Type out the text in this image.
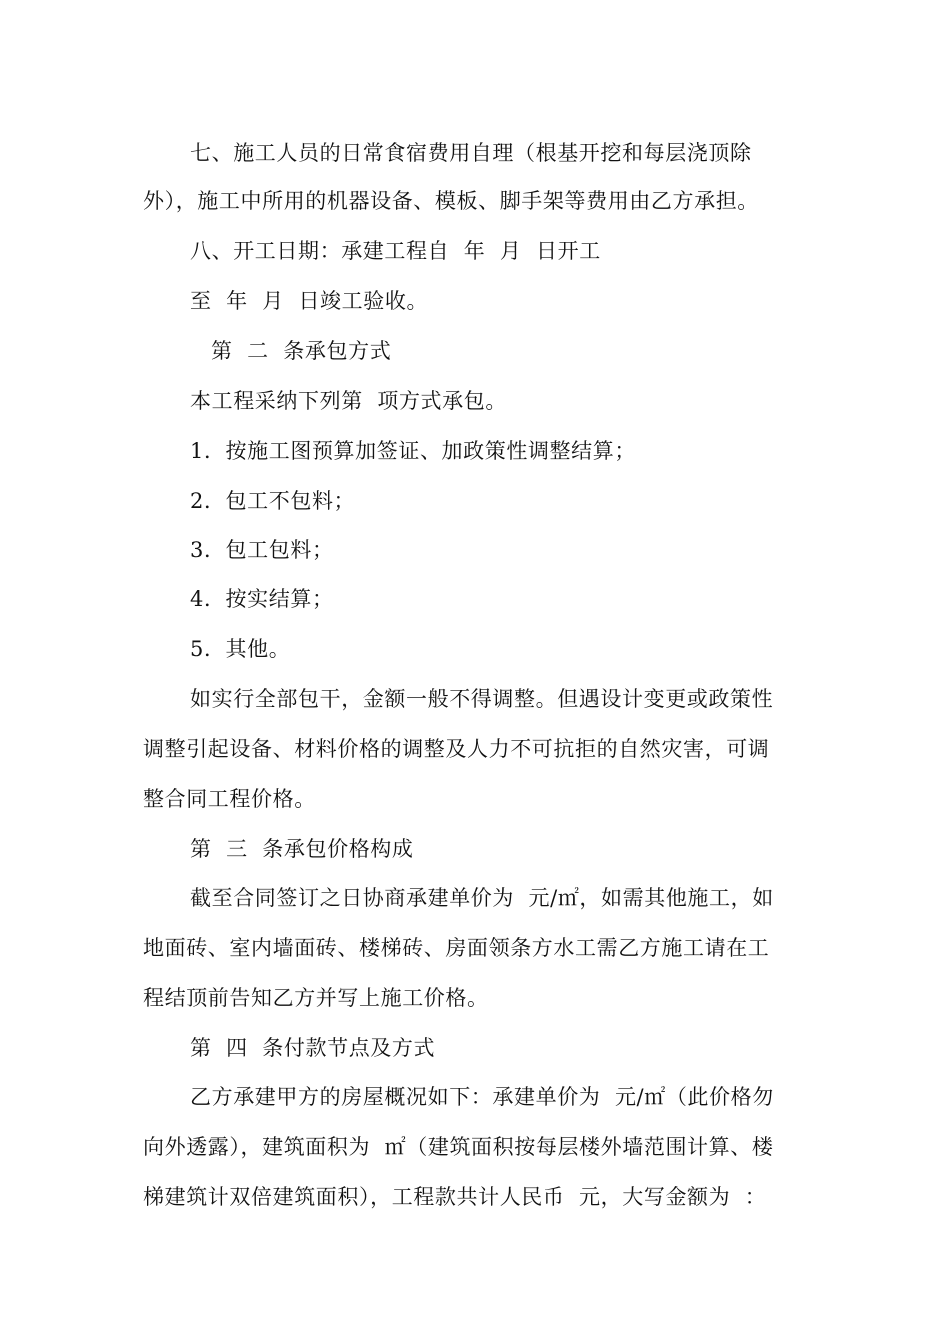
七、施工人员的日常食宿费用自理（根基开挖和每层浇顶除
外），施工中所用的机器设备、模板、脚手架等费用由乙方承担。
八、开工日期：承建工程自  年  月  日开工
至  年  月  日竣工验收。
第  二  条承包方式
本工程采纳下列第  项方式承包。
1．按施工图预算加签证、加政策性调整结算；
2．包工不包料；
3．包工包料；
4．按实结算；
5．其他。
如实行全部包干，金额一般不得调整。但遇设计变更或政策性
调整引起设备、材料价格的调整及人力不可抗拒的自然灾害，可调
整合同工程价格。
第  三  条承包价格构成
截至合同签订之日协商承建单价为  元/㎡，如需其他施工，如
地面砖、室内墙面砖、楼梯砖、房面领条方水工需乙方施工请在工
程结顶前告知乙方并写上施工价格。
第  四  条付款节点及方式
乙方承建甲方的房屋概况如下：承建单价为  元/㎡（此价格勿
向外透露），建筑面积为  ㎡（建筑面积按每层楼外墙范围计算、楼
梯建筑计双倍建筑面积），工程款共计人民币  元，大写金额为  ：
